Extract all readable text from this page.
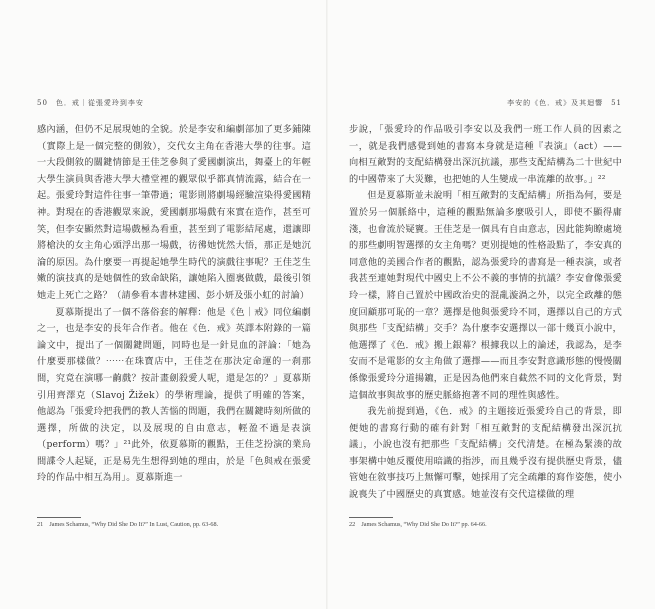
50　色．戒｜從張愛玲到李安

感內涵，但仍不足展現她的全貌。於是李安和編劇部加了更多鋪陳（實際上是一個完整的側敘），交代女主角在香港大學的往事。這一大段側敘的關鍵情節是王佳芝參與了愛國劇演出，舞臺上的年輕大學生演員與香港大學大禮堂裡的觀眾似乎都真情流露，結合在一起。張愛玲對這件往事一筆帶過；電影則將劇場經驗渲染得愛國精神。對現在的香港觀眾來說，愛國劇那場戲有來實在造作，甚至可笑，但李安顯然對這場戲極為看重，甚至到了電影結尾處，還讓即將槍決的女主角心頭浮出那一場戲，彷彿她恍然大悟，那正是她沉淪的原因。為什麼要一再提起她學生時代的演戲往事呢？王佳芝生嫩的演技真的是她個性的致命缺陷，讓她陷入圈裏做戲，最後引領她走上死亡之路？（請參看本書林建國、彭小妍及張小虹的討論）

夏慕斯提出了一個不落俗套的解釋：他是《色｜戒》同位編劇之一，也是李安的長年合作者。他在《色．戒》英譯本附錄的一篇論文中，提出了一個關鍵問題，同時也是一針見血的評論：「她為什麼要那樣做？⋯⋯在珠寶店中，王佳芝在那決定命運的一刹那間，究竟在演哪一齣戲？按計畫劍殺愛人呢，還是怎的？」夏慕斯引用齊澤克（Slavoj Žižek）的學術理論，提供了明確的答案，他認為「張愛玲把我們的教人苦惱的問題，我們在關鍵時刻所做的選擇，所做的決定，以及展現的自由意志，輕盈不過是表演（perform）嗎？」²¹此外，依夏慕斯的觀點，王佳芝扮演的業烏間諜令人起疑，正是易先生想得到她的理由，於是「色與戒在張愛玲的作品中相互為用」。夏慕斯進一

21　James Schamus, “Why Did She Do It?” In Lust, Caution, pp. 63-68.
李安的《色．戒》及其迴響　51

步說，「張愛玲的作品吸引李安以及我們一班工作人員的因素之一，就是我們感覺到她的書寫本身就是這種『表演』（act）——向相互敵對的支配結構發出深沉抗議，那些支配結構為二十世紀中的中國帶來了大災難，也把她的人生變成一串流離的故事。」²²

但是夏慕斯並未說明「相互敵對的支配結構」所指為何，要是置於另一個脈絡中，這種的觀點無論多麼吸引人，即使不顯得庸淺，也會流於疑竇。王佳芝是一個具有自由意志，因此能夠瞭處境的那些劇明智選擇的女主角嗎？更別提她的性格設點了，李安真的同意他的美國合作者的觀點，認為張愛玲的書寫是一種表演，或者我甚至連她對現代中國史上不公不義的事情的抗議？李安會像張愛玲一樣，將自己置於中國政治史的混亂漩渦之外，以完全政離的態度回顧那可恥的一章？選擇是他與張愛玲不同，選擇以自己的方式與那些「支配結構」交手？為什麼李安選擇以一部十幾頁小說中，他選擇了《色．戒》搬上銀幕？根據我以上的論述，我認為，是李安而不是電影的女主角做了選擇——而且李安對意識形態的慢慢關係像張愛玲分道揚鑣，正是因為他們來自截然不同的文化背景，對這個故事與故事的歷史脈絡抱著不同的理性與感性。

我先前提到過，《色．戒》的主題接近張愛玲自己的背景，即便她的書寫行動的確有針對「相互敵對的支配結構發出深沉抗議」，小說也沒有把那些「支配結構」交代清楚。在極為緊湊的故事架構中她反覆使用暗識的指涉，而且幾乎沒有提供歷史背景，儘管她在敘事技巧上無懈可擊，她採用了完全疏離的寫作姿態，使小說喪失了中國歷史的真實感。她並沒有交代這樣做的理

22　James Schamus, “Why Did She Do It?” pp. 64-66.
